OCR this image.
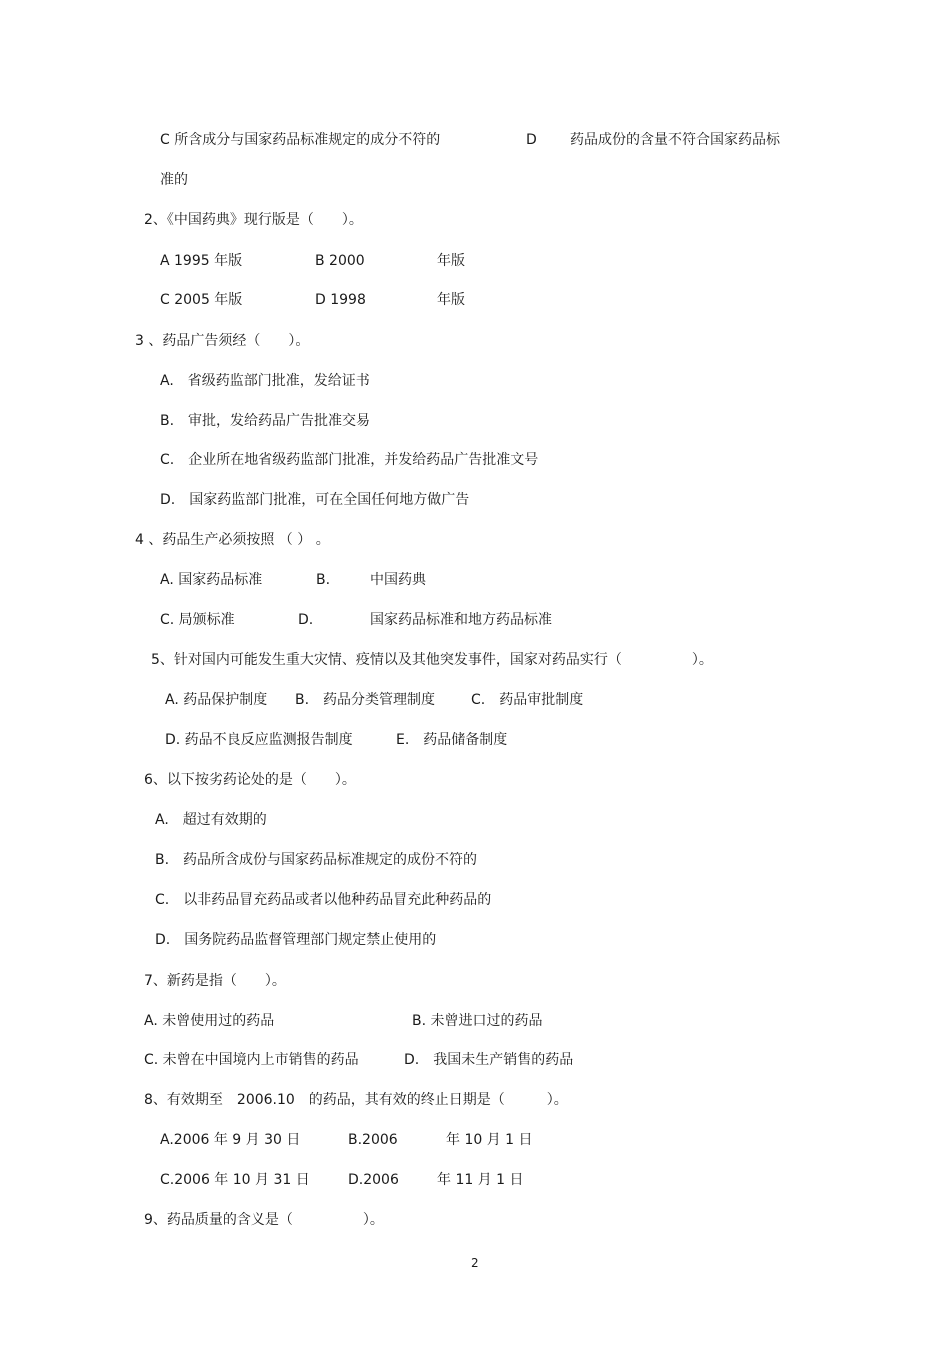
C 所含成分与国家药品标准规定的成分不符的	D 药品成份的含量不符合国家药品标
准的
2、《中国药典》现行版是（　　）。
A 1995 年版	B 2000	年版
C 2005 年版	D 1998	年版
3 、药品广告须经（　　）。
A.　省级药监部门批准，发给证书
B.　审批，发给药品广告批准交易
C.　企业所在地省级药监部门批准，并发给药品广告批准文号
D.　国家药监部门批准，可在全国任何地方做广告
4 、药品生产必须按照 （ ） 。
A. 国家药品标准	B.	中国药典
C. 局颁标准	D.	国家药品标准和地方药品标准
5、针对国内可能发生重大灾情、疫情以及其他突发事件，国家对药品实行（　　　　　）。
A. 药品保护制度 B.　药品分类管理制度	C.　药品审批制度
D. 药品不良反应监测报告制度	E.　药品储备制度
6、以下按劣药论处的是（　　）。
A.　超过有效期的
B.　药品所含成份与国家药品标准规定的成份不符的
C.　以非药品冒充药品或者以他种药品冒充此种药品的
D.　国务院药品监督管理部门规定禁止使用的
7、新药是指（　　）。
A. 未曾使用过的药品	B. 未曾进口过的药品
C. 未曾在中国境内上市销售的药品	D.　我国未生产销售的药品
8、有效期至　2006.10　的药品，其有效的终止日期是（　　　）。
A.2006 年 9 月 30 日	B.2006	年 10 月 1 日
C.2006 年 10 月 31 日	D.2006	年 11 月 1 日
9、药品质量的含义是（　　　　　）。
2
